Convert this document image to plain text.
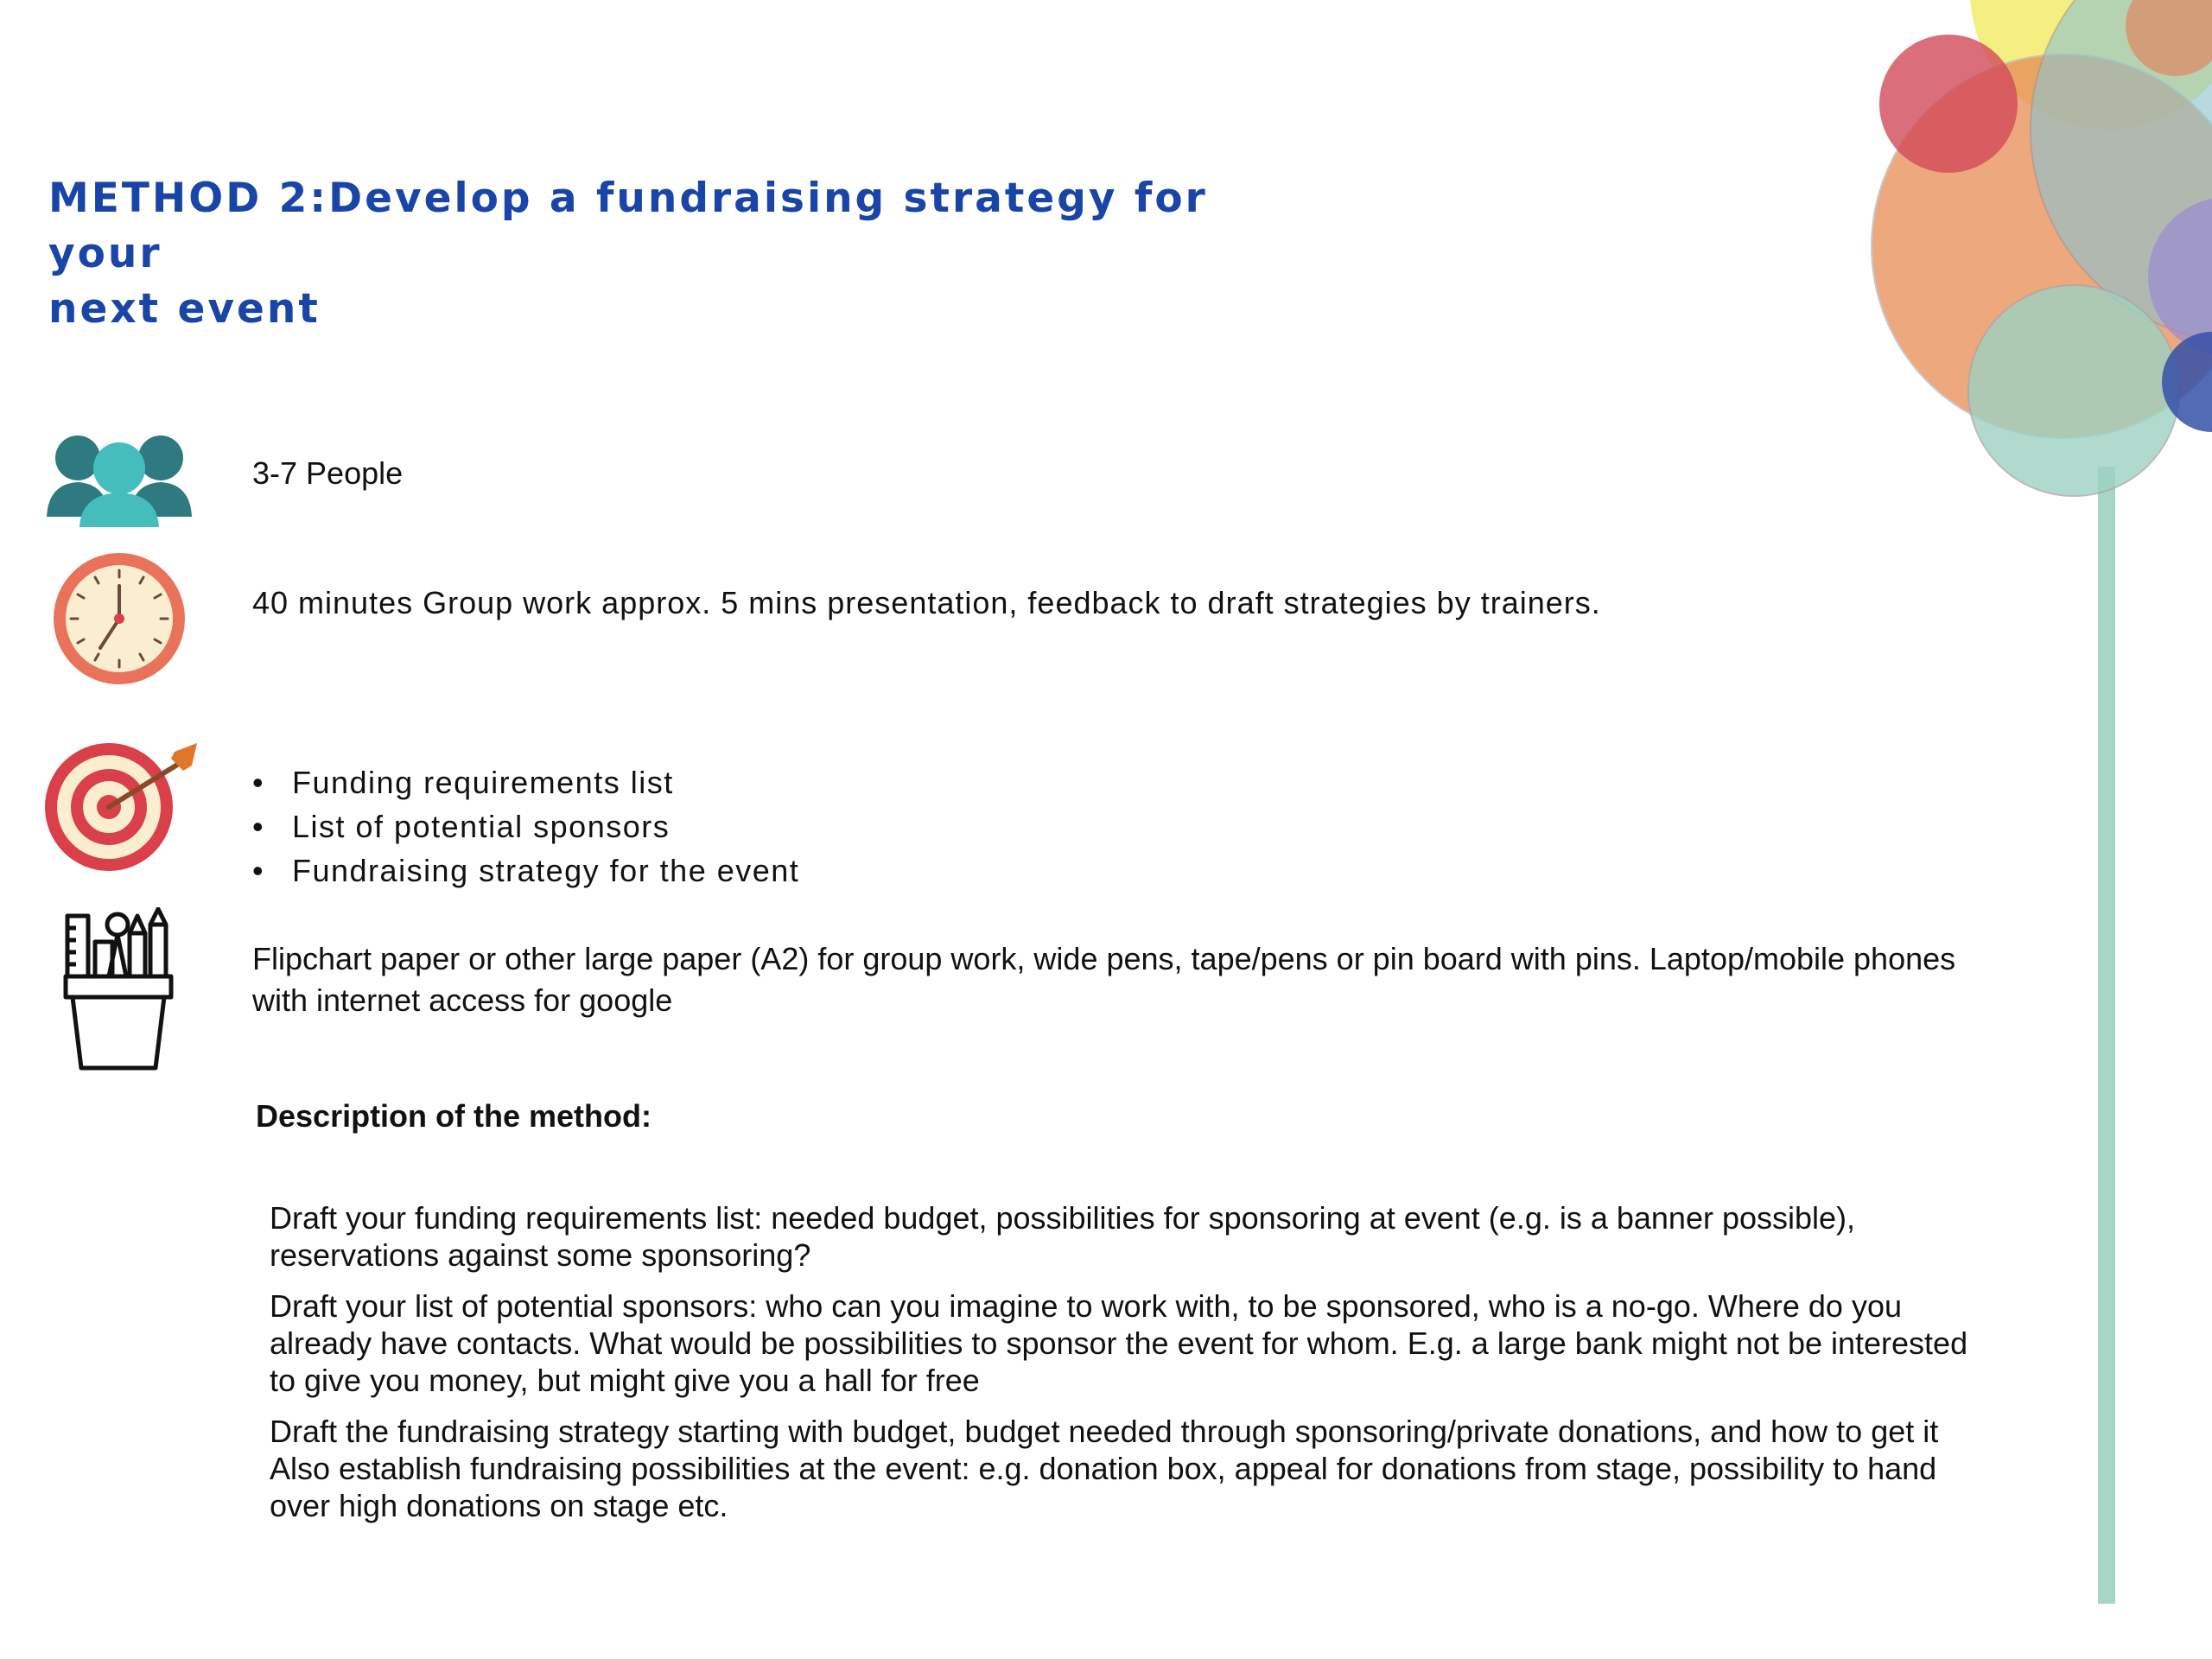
METHOD 2:Develop a fundraising strategy for your
next event

3-7 People

40 minutes Group work approx. 5 mins presentation, feedback to draft strategies by trainers.

• Funding requirements list
• List of potential sponsors
• Fundraising strategy for the event

Flipchart paper or other large paper (A2) for group work, wide pens, tape/pens or pin board with pins. Laptop/mobile phones
with internet access for google

Description of the method:

Draft your funding requirements list: needed budget, possibilities for sponsoring at event (e.g. is a banner possible),
reservations against some sponsoring?

Draft your list of potential sponsors: who can you imagine to work with, to be sponsored, who is a no-go. Where do you
already have contacts. What would be possibilities to sponsor the event for whom. E.g. a large bank might not be interested
to give you money, but might give you a hall for free

Draft the fundraising strategy starting with budget, budget needed through sponsoring/private donations, and how to get it
Also establish fundraising possibilities at the event: e.g. donation box, appeal for donations from stage, possibility to hand
over high donations on stage etc.
